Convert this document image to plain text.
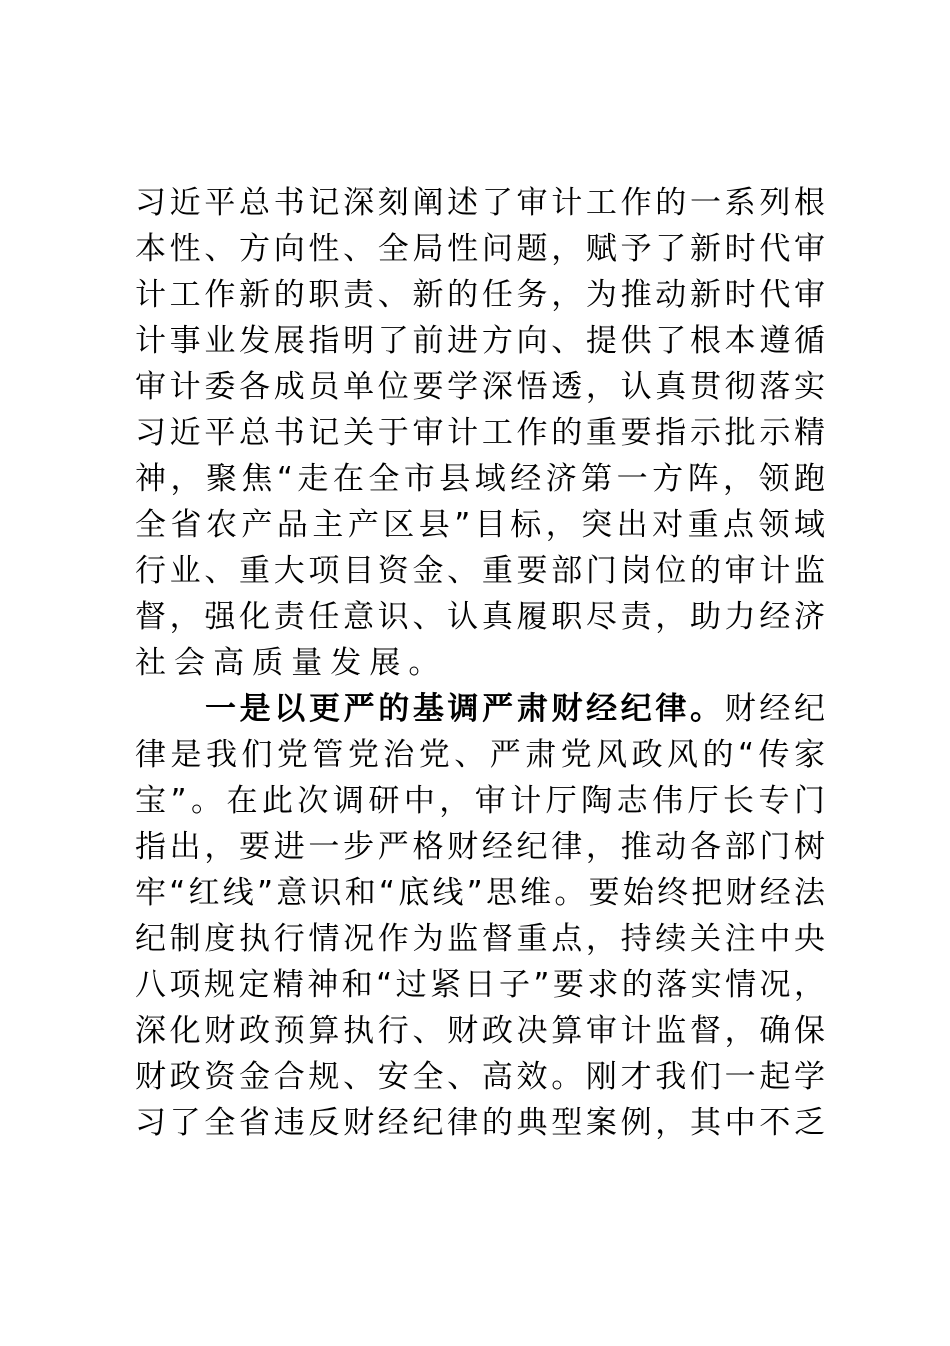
习近平总书记深刻阐述了审计工作的一系列根
本性、方向性、全局性问题，赋予了新时代审
计工作新的职责、新的任务，为推动新时代审
计事业发展指明了前进方向、提供了根本遵循
审计委各成员单位要学深悟透，认真贯彻落实
习近平总书记关于审计工作的重要指示批示精
神，聚焦“走在全市县域经济第一方阵，领跑
全省农产品主产区县”目标，突出对重点领域
行业、重大项目资金、重要部门岗位的审计监
督，强化责任意识、认真履职尽责，助力经济
社会高质量发展。
一是以更严的基调严肃财经纪律。财经纪
律是我们党管党治党、严肃党风政风的“传家
宝”。在此次调研中，审计厅陶志伟厅长专门
指出，要进一步严格财经纪律，推动各部门树
牢“红线”意识和“底线”思维。要始终把财经法
纪制度执行情况作为监督重点，持续关注中央
八项规定精神和“过紧日子”要求的落实情况，
深化财政预算执行、财政决算审计监督，确保
财政资金合规、安全、高效。刚才我们一起学
习了全省违反财经纪律的典型案例，其中不乏
